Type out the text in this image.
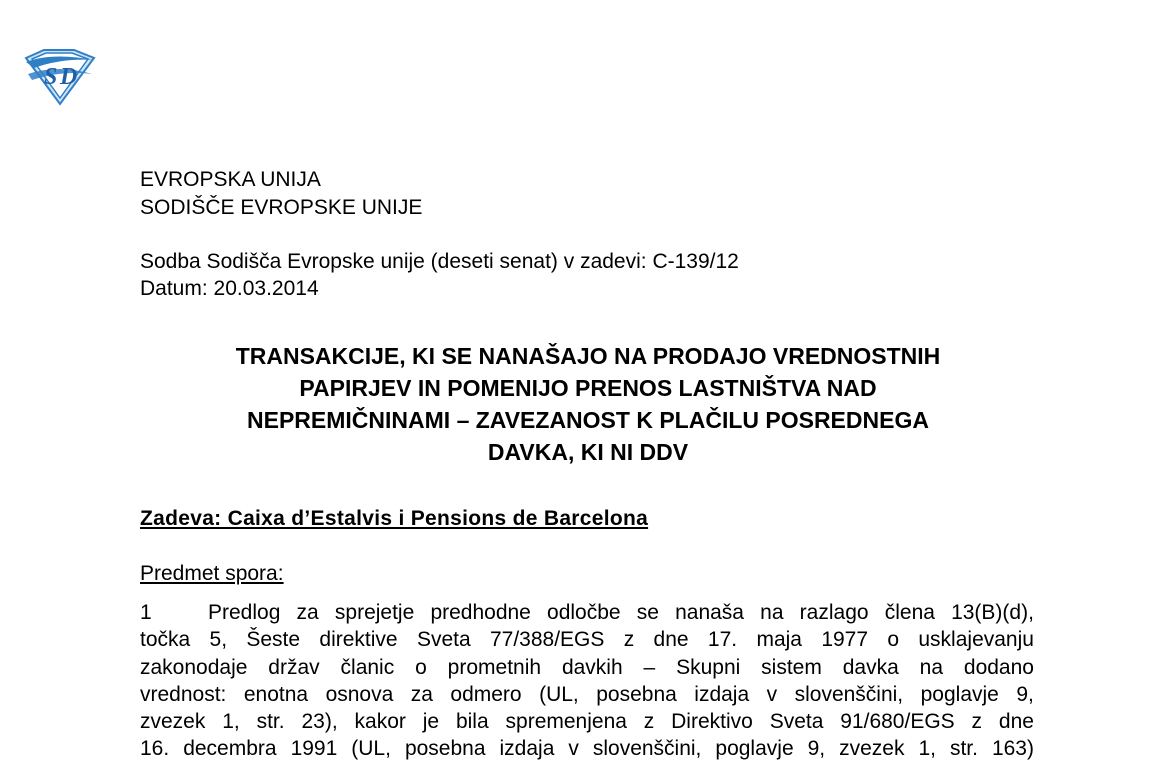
S D
EVROPSKA UNIJA
SODIŠČE EVROPSKE UNIJE
Sodba Sodišča Evropske unije (deseti senat) v zadevi: C-139/12
Datum: 20.03.2014
TRANSAKCIJE, KI SE NANAŠAJO NA PRODAJO VREDNOSTNIH
PAPIRJEV IN POMENIJO PRENOS LASTNIŠTVA NAD
NEPREMIČNINAMI – ZAVEZANOST K PLAČILU POSREDNEGA
DAVKA, KI NI DDV
Zadeva: Caixa d’Estalvis i Pensions de Barcelona
Predmet spora:
1	Predlog za sprejetje predhodne odločbe se nanaša na razlago člena 13(B)(d),
točka 5, Šeste direktive Sveta 77/388/EGS z dne 17. maja 1977 o usklajevanju
zakonodaje držav članic o prometnih davkih – Skupni sistem davka na dodano
vrednost: enotna osnova za odmero (UL, posebna izdaja v slovenščini, poglavje 9,
zvezek 1, str. 23), kakor je bila spremenjena z Direktivo Sveta 91/680/EGS z dne
16. decembra 1991 (UL, posebna izdaja v slovenščini, poglavje 9, zvezek 1, str. 163)
